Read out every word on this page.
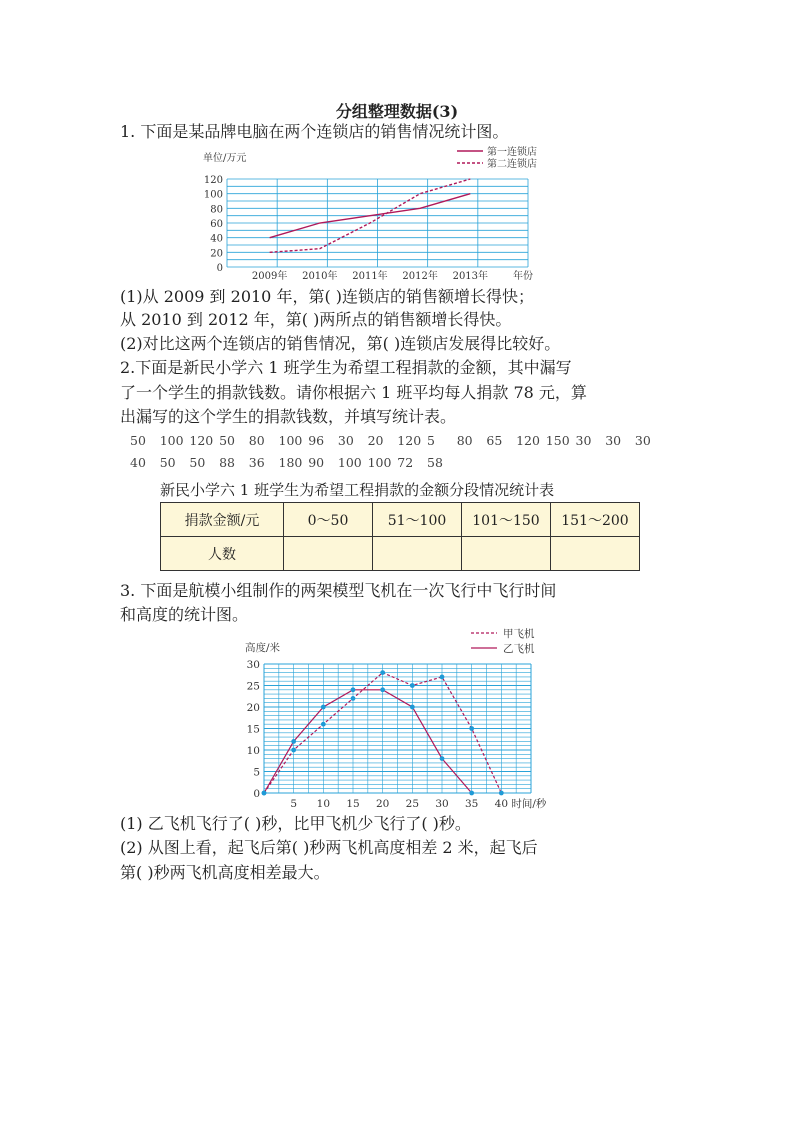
分组整理数据(3)
1. 下面是某品牌电脑在两个连锁店的销售情况统计图。
0
20
40
60
80
100
120
2009年 2010年 2011年 2012年 2013年 年份
单位/万元
第一连锁店
第二连锁店
(1)从 2009 到 2010 年，第( )连锁店的销售额增长得快；
从 2010 到 2012 年，第( )两所点的销售额增长得快。
(2)对比这两个连锁店的销售情况，第( )连锁店发展得比较好。
2.下面是新民小学六 1 班学生为希望工程捐款的金额，其中漏写
了一个学生的捐款钱数。请你根据六 1 班平均每人捐款 78 元，算
出漏写的这个学生的捐款钱数，并填写统计表。
50 100 120 50 80 100 96 30 20 120 5 80 65 120 150 30 30 30
40 50 50 88 36 180 90 100 100 72 58
新民小学六 1 班学生为希望工程捐款的金额分段情况统计表
捐款金额/元	0～50	51～100	101～150	151～200
人数				
3. 下面是航模小组制作的两架模型飞机在一次飞行中飞行时间
和高度的统计图。
0
5
10
15
20
25
30
5 10 15 20 25 30 35 40 时间/秒
高度/米
甲飞机
乙飞机
(1) 乙飞机飞行了( )秒，比甲飞机少飞行了( )秒。
(2) 从图上看，起飞后第( )秒两飞机高度相差 2 米，起飞后
第( )秒两飞机高度相差最大。
